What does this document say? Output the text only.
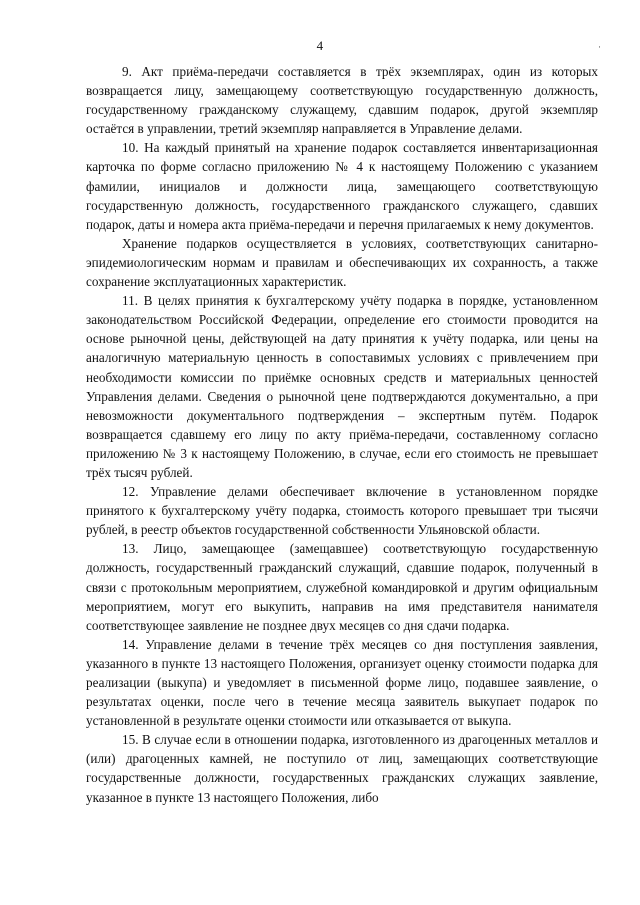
4	·

9. Акт приёма-передачи составляется в трёх экземплярах, один из которых возвращается лицу, замещающему соответствующую государственную должность, государственному гражданскому служащему, сдавшим подарок, другой экземпляр остаётся в управлении, третий экземпляр направляется в Управление делами.

10. На каждый принятый на хранение подарок составляется инвентаризационная карточка по форме согласно приложению № 4 к настоящему Положению с указанием фамилии, инициалов и должности лица, замещающего соответствующую государственную должность, государственного гражданского служащего, сдавших подарок, даты и номера акта приёма-передачи и перечня прилагаемых к нему документов.

Хранение подарков осуществляется в условиях, соответствующих санитарно-эпидемиологическим нормам и правилам и обеспечивающих их сохранность, а также сохранение эксплуатационных характеристик.

11. В целях принятия к бухгалтерскому учёту подарка в порядке, установленном законодательством Российской Федерации, определение его стоимости проводится на основе рыночной цены, действующей на дату принятия к учёту подарка, или цены на аналогичную материальную ценность в сопоставимых условиях с привлечением при необходимости комиссии по приёмке основных средств и материальных ценностей Управления делами. Сведения о рыночной цене подтверждаются документально, а при невозможности документального подтверждения – экспертным путём. Подарок возвращается сдавшему его лицу по акту приёма-передачи, составленному согласно приложению № 3 к настоящему Положению, в случае, если его стоимость не превышает трёх тысяч рублей.

12. Управление делами обеспечивает включение в установленном порядке принятого к бухгалтерскому учёту подарка, стоимость которого превышает три тысячи рублей, в реестр объектов государственной собственности Ульяновской области.

13. Лицо, замещающее (замещавшее) соответствующую государственную должность, государственный гражданский служащий, сдавшие подарок, полученный в связи с протокольным мероприятием, служебной командировкой и другим официальным мероприятием, могут его выкупить, направив на имя представителя нанимателя соответствующее заявление не позднее двух месяцев со дня сдачи подарка.

14. Управление делами в течение трёх месяцев со дня поступления заявления, указанного в пункте 13 настоящего Положения, организует оценку стоимости подарка для реализации (выкупа) и уведомляет в письменной форме лицо, подавшее заявление, о результатах оценки, после чего в течение месяца заявитель выкупает подарок по установленной в результате оценки стоимости или отказывается от выкупа.

15. В случае если в отношении подарка, изготовленного из драгоценных металлов и (или) драгоценных камней, не поступило от лиц, замещающих соответствующие государственные должности, государственных гражданских служащих заявление, указанное в пункте 13 настоящего Положения, либо
